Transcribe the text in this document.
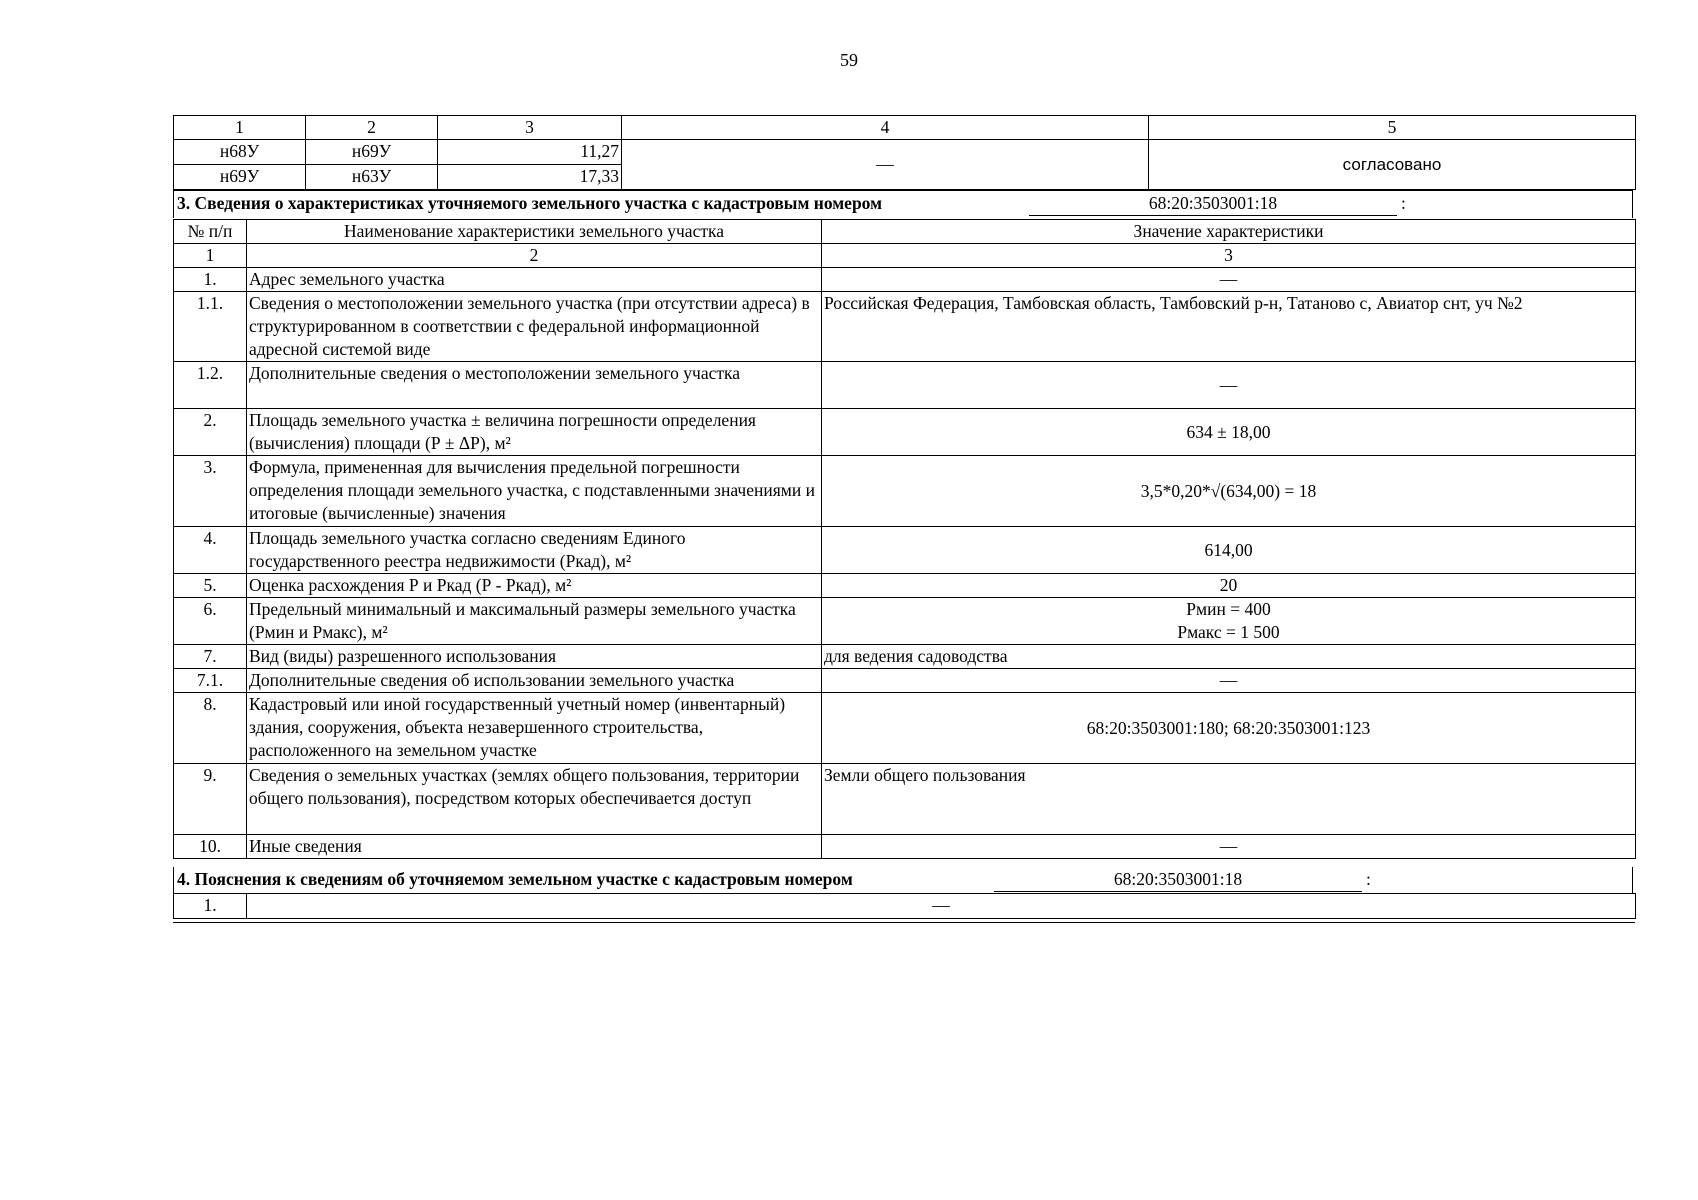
59
1	2	3	4	5
н68У	н69У	11,27	—	согласовано
н69У	н63У	17,33		
3. Сведения о характеристиках уточняемого земельного участка с кадастровым номером	68:20:3503001:18	:
№ п/п	Наименование характеристики земельного участка	Значение характеристики
1	2	3
1.	Адрес земельного участка	—
1.1.	Сведения о местоположении земельного участка (при отсутствии адреса) в структурированном в соответствии с федеральной информационной адресной системой виде	Российская Федерация, Тамбовская область, Тамбовский р-н, Татаново с, Авиатор снт, уч №2
1.2.	Дополнительные сведения о местоположении земельного участка	—
2.	Площадь земельного участка ± величина погрешности определения (вычисления) площади (Р ± ΔР), м²	634 ± 18,00
3.	Формула, примененная для вычисления предельной погрешности определения площади земельного участка, с подставленными значениями и итоговые (вычисленные) значения	3,5*0,20*√(634,00) = 18
4.	Площадь земельного участка согласно сведениям Единого государственного реестра недвижимости (Ркад), м²	614,00
5.	Оценка расхождения Р и Ркад (Р - Ркад), м²	20
6.	Предельный минимальный и максимальный размеры земельного участка (Рмин и Рмакс), м²	Рмин = 400
Рмакс = 1 500

7.	Вид (виды) разрешенного использования	для ведения садоводства
7.1.	Дополнительные сведения об использовании земельного участка	—
8.	Кадастровый или иной государственный учетный номер (инвентарный) здания, сооружения, объекта незавершенного строительства, расположенного на земельном участке	68:20:3503001:180; 68:20:3503001:123
9.	Сведения о земельных участках (землях общего пользования, территории общего пользования), посредством которых обеспечивается доступ	Земли общего пользования
10.	Иные сведения	—
4. Пояснения к сведениям об уточняемом земельном участке с кадастровым номером	68:20:3503001:18	:
1.	—
